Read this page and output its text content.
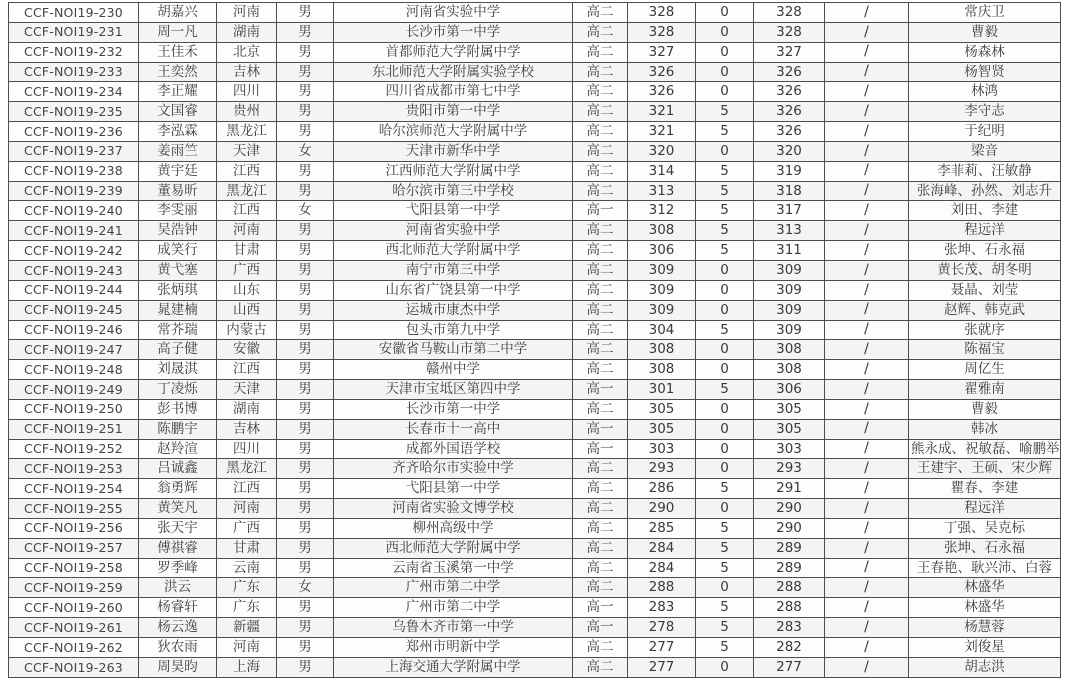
CCF-NOI19-230	胡嘉兴	河南	男	河南省实验中学	高二	328	0	328	/	常庆卫
CCF-NOI19-231	周一凡	湖南	男	长沙市第一中学	高二	328	0	328	/	曹毅
CCF-NOI19-232	王佳禾	北京	男	首都师范大学附属中学	高二	327	0	327	/	杨森林
CCF-NOI19-233	王奕然	吉林	男	东北师范大学附属实验学校	高二	326	0	326	/	杨智贤
CCF-NOI19-234	李正耀	四川	男	四川省成都市第七中学	高二	326	0	326	/	林鸿
CCF-NOI19-235	文国睿	贵州	男	贵阳市第一中学	高二	321	5	326	/	李守志
CCF-NOI19-236	李泓霖	黑龙江	男	哈尔滨师范大学附属中学	高二	321	5	326	/	于纪明
CCF-NOI19-237	姜雨竺	天津	女	天津市新华中学	高二	320	0	320	/	梁音
CCF-NOI19-238	黄宇廷	江西	男	江西师范大学附属中学	高二	314	5	319	/	李菲莉、汪敏静
CCF-NOI19-239	董易昕	黑龙江	男	哈尔滨市第三中学校	高二	313	5	318	/	张海峰、孙然、刘志升
CCF-NOI19-240	李雯丽	江西	女	弋阳县第一中学	高一	312	5	317	/	刘田、李建
CCF-NOI19-241	吴浩钟	河南	男	河南省实验中学	高二	308	5	313	/	程远洋
CCF-NOI19-242	成笑行	甘肃	男	西北师范大学附属中学	高二	306	5	311	/	张坤、石永福
CCF-NOI19-243	黄弋塞	广西	男	南宁市第三中学	高二	309	0	309	/	黄长茂、胡冬明
CCF-NOI19-244	张炳琪	山东	男	山东省广饶县第一中学	高二	309	0	309	/	聂晶、刘莹
CCF-NOI19-245	晁建楠	山西	男	运城市康杰中学	高二	309	0	309	/	赵辉、韩克武
CCF-NOI19-246	常芥瑞	内蒙古	男	包头市第九中学	高二	304	5	309	/	张就序
CCF-NOI19-247	高子健	安徽	男	安徽省马鞍山市第二中学	高二	308	0	308	/	陈福宝
CCF-NOI19-248	刘晟淇	江西	男	赣州中学	高二	308	0	308	/	周亿生
CCF-NOI19-249	丁凌烁	天津	男	天津市宝坻区第四中学	高一	301	5	306	/	翟雅南
CCF-NOI19-250	彭书博	湖南	男	长沙市第一中学	高二	305	0	305	/	曹毅
CCF-NOI19-251	陈鹏宇	吉林	男	长春市十一高中	高一	305	0	305	/	韩冰
CCF-NOI19-252	赵羚渲	四川	男	成都外国语学校	高一	303	0	303	/	熊永成、祝敏磊、喻鹏举
CCF-NOI19-253	吕诚鑫	黑龙江	男	齐齐哈尔市实验中学	高二	293	0	293	/	王建宇、王硕、宋少辉
CCF-NOI19-254	翁勇辉	江西	男	弋阳县第一中学	高二	286	5	291	/	瞿春、李建
CCF-NOI19-255	黄笑凡	河南	男	河南省实验文博学校	高二	290	0	290	/	程远洋
CCF-NOI19-256	张天宇	广西	男	柳州高级中学	高二	285	5	290	/	丁强、吴克标
CCF-NOI19-257	傅祺睿	甘肃	男	西北师范大学附属中学	高二	284	5	289	/	张坤、石永福
CCF-NOI19-258	罗季峰	云南	男	云南省玉溪第一中学	高二	284	5	289	/	王春艳、耿兴沛、白蓉
CCF-NOI19-259	洪云	广东	女	广州市第二中学	高二	288	0	288	/	林盛华
CCF-NOI19-260	杨睿轩	广东	男	广州市第二中学	高一	283	5	288	/	林盛华
CCF-NOI19-261	杨云逸	新疆	男	乌鲁木齐市第一中学	高一	278	5	283	/	杨慧蓉
CCF-NOI19-262	狄农雨	河南	男	郑州市明新中学	高二	277	5	282	/	刘俊星
CCF-NOI19-263	周昊昀	上海	男	上海交通大学附属中学	高二	277	0	277	/	胡志洪
